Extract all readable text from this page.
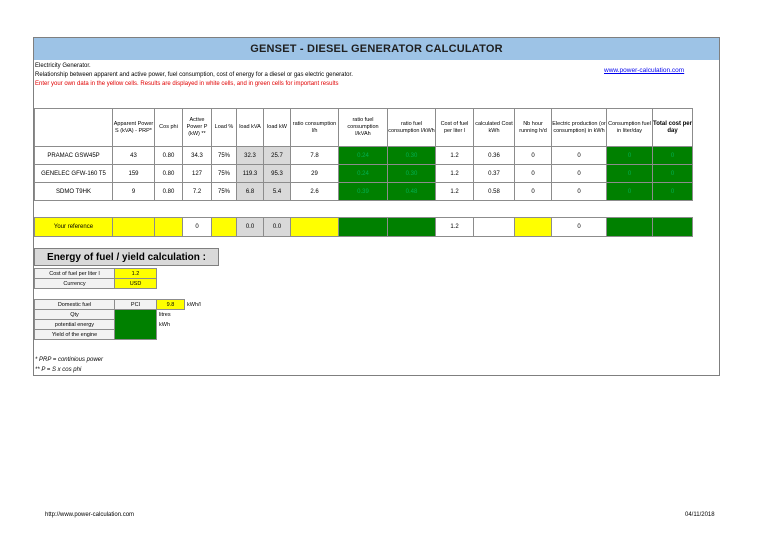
GENSET - DIESEL GENERATOR CALCULATOR
Electricity Generator.
Relationship between apparent and active power, fuel consumption, cost of energy for a diesel or gas electric generator.
Enter your own data in the yellow cells. Results are displayed in white cells, and in green cells for important results
www.power-calculation.com
	Apparent Power S (kVA) - PRP*	Cos phi	Active Power P (kW) **	Load %	load kVA	load kW	ratio consumption l/h	ratio fuel consumption l/kVAh	ratio fuel consumption l/kWh	Cost of fuel per liter l	calculated Cost kWh	Nb hour running h/d	Electric production (or consumption) in kWh	Consumption fuel in liter/day	Total cost per day
PRAMAC GSW45P	43	0.80	34.3	75%	32.3	25.7	7.8	0.24	0.30	1.2	0.36	0	0	0	0
GENELEC GFW-160 T5	159	0.80	127	75%	119.3	95.3	29	0.24	0.30	1.2	0.37	0	0	0	0
SDMO T9HK	9	0.80	7.2	75%	6.8	5.4	2.6	0.39	0.48	1.2	0.58	0	0	0	0

Your reference			0		0.0	0.0				1.2			0		
Energy of fuel / yield calculation :
Cost of fuel per liter l	1.2		
Currency	USD		

Domestic fuel	PCI	9.8	kWh/l
Qty		litres	
potential energy		kWh	
Yield of the engine			
* PRP = continious power
** P = S x cos phi
http://www.power-calculation.com	04/11/2018
